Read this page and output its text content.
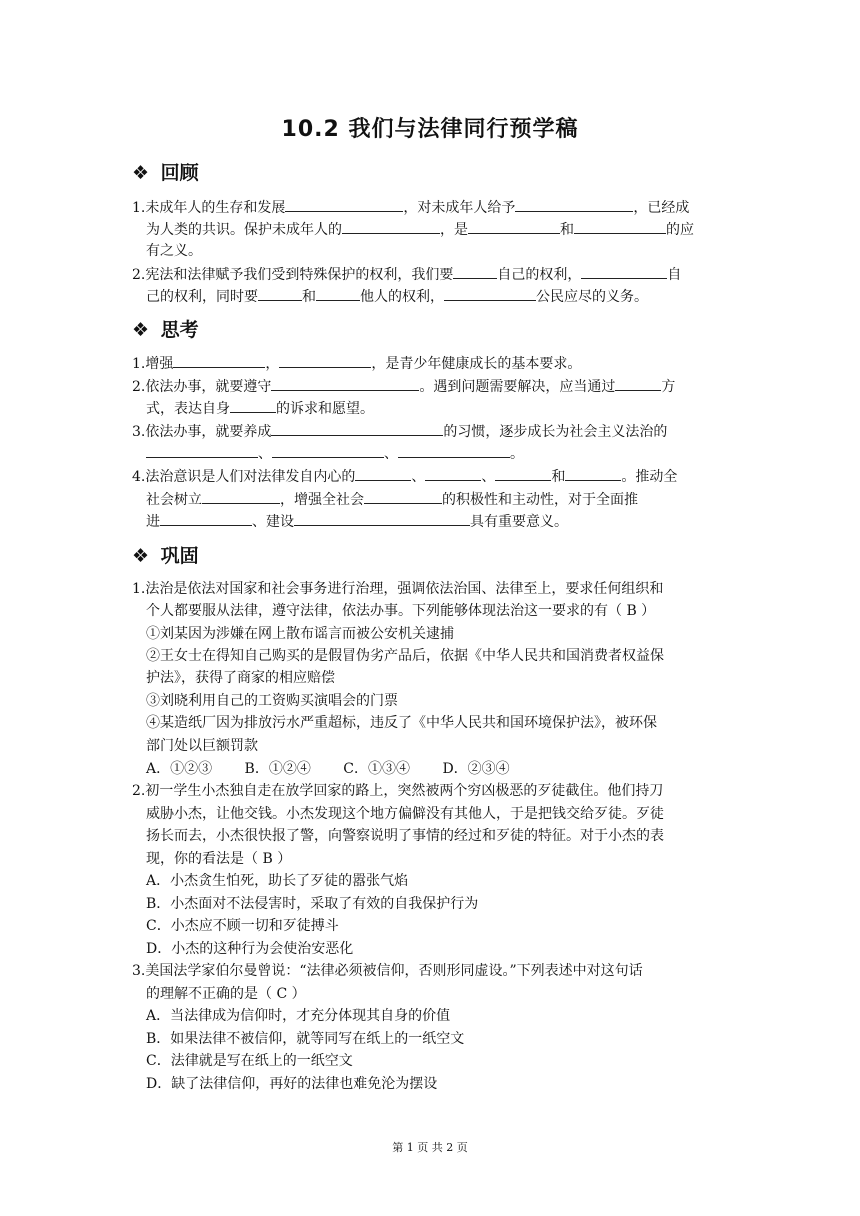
10.2 我们与法律同行预学稿
❖ 回顾
1.未成年人的生存和发展	，对未成年人给予	，已经成
为人类的共识。保护未成年人的	，是	和	的应
有之义。
2.宪法和法律赋予我们受到特殊保护的权利，我们要	自己的权利，	自
己的权利，同时要	和	他人的权利，	公民应尽的义务。
❖ 思考
1.增强	，	，是青少年健康成长的基本要求。
2.依法办事，就要遵守	。遇到问题需要解决，应当通过	方
式，表达自身	的诉求和愿望。
3.依法办事，就要养成	的习惯，逐步成长为社会主义法治的
、	、	。
4.法治意识是人们对法律发自内心的	、	、	和	。推动全
社会树立	，增强全社会	的积极性和主动性，对于全面推
进	、建设	具有重要意义。
❖ 巩固
1.法治是依法对国家和社会事务进行治理，强调依法治国、法律至上，要求任何组织和
个人都要服从法律，遵守法律，依法办事。下列能够体现法治这一要求的有（ B ）
①刘某因为涉嫌在网上散布谣言而被公安机关逮捕
②王女士在得知自己购买的是假冒伪劣产品后，依据《中华人民共和国消费者权益保
护法》，获得了商家的相应赔偿
③刘晓利用自己的工资购买演唱会的门票
④某造纸厂因为排放污水严重超标，违反了《中华人民共和国环境保护法》，被环保
部门处以巨额罚款
A．①②③　　 B．①②④　　 C．①③④　　 D．②③④
2.初一学生小杰独自走在放学回家的路上，突然被两个穷凶极恶的歹徒截住。他们持刀
威胁小杰，让他交钱。小杰发现这个地方偏僻没有其他人，于是把钱交给歹徒。歹徒
扬长而去，小杰很快报了警，向警察说明了事情的经过和歹徒的特征。对于小杰的表
现，你的看法是（ B ）
A．小杰贪生怕死，助长了歹徒的嚣张气焰
B．小杰面对不法侵害时，采取了有效的自我保护行为
C．小杰应不顾一切和歹徒搏斗
D．小杰的这种行为会使治安恶化
3.美国法学家伯尔曼曾说：“法律必须被信仰，否则形同虚设。”下列表述中对这句话
的理解不正确的是（ C ）
A．当法律成为信仰时，才充分体现其自身的价值
B．如果法律不被信仰，就等同写在纸上的一纸空文
C．法律就是写在纸上的一纸空文
D．缺了法律信仰，再好的法律也难免沦为摆设
第 1 页 共 2 页
